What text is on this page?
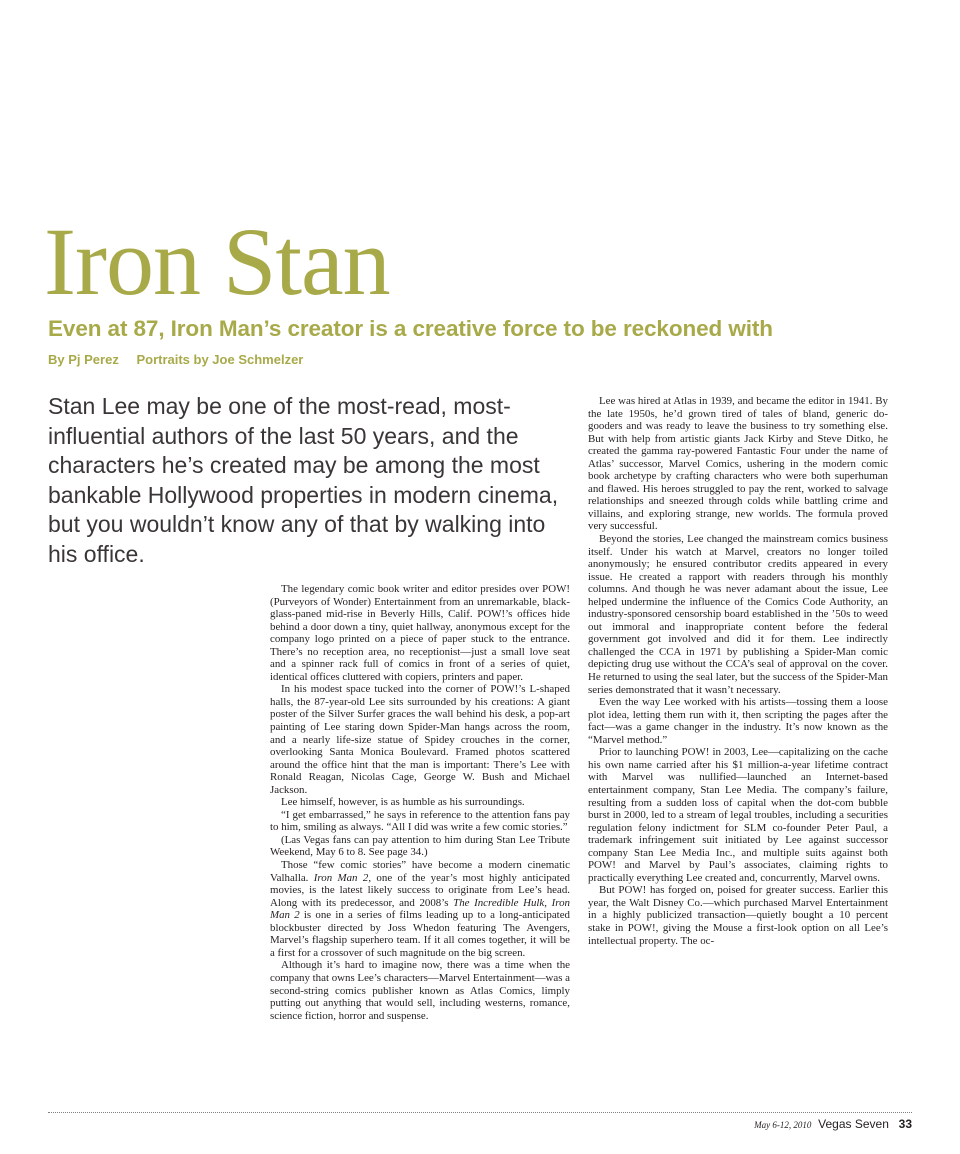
Iron Stan
Even at 87, Iron Man’s creator is a creative force to be reckoned with
By Pj Perez Portraits by Joe Schmelzer

Stan Lee may be one of the most-read, most-influential authors of the last 50 years, and the characters he’s created may be among the most bankable Hollywood properties in modern cinema, but you wouldn’t know any of that by walking into his office.

The legendary comic book writer and editor presides over POW! (Purveyors of Wonder) Entertainment from an unremarkable, black-glass-paned mid-rise in Beverly Hills, Calif. POW!’s offices hide behind a door down a tiny, quiet hallway, anonymous except for the company logo printed on a piece of paper stuck to the entrance. There’s no reception area, no receptionist—just a small love seat and a spinner rack full of comics in front of a series of quiet, identical offices cluttered with copiers, printers and paper.

In his modest space tucked into the corner of POW!’s L-shaped halls, the 87-year-old Lee sits surrounded by his creations: A giant poster of the Silver Surfer graces the wall behind his desk, a pop-art painting of Lee staring down Spider-Man hangs across the room, and a nearly life-size statue of Spidey crouches in the corner, overlooking Santa Monica Boulevard. Framed photos scattered around the office hint that the man is important: There’s Lee with Ronald Reagan, Nicolas Cage, George W. Bush and Michael Jackson.

Lee himself, however, is as humble as his surroundings.

“I get embarrassed,” he says in reference to the attention fans pay to him, smiling as always. “All I did was write a few comic stories.”

(Las Vegas fans can pay attention to him during Stan Lee Tribute Weekend, May 6 to 8. See page 34.)

Those “few comic stories” have become a modern cinematic Valhalla. Iron Man 2, one of the year’s most highly anticipated movies, is the latest likely success to originate from Lee’s head. Along with its predecessor, and 2008’s The Incredible Hulk, Iron Man 2 is one in a series of films leading up to a long-anticipated blockbuster directed by Joss Whedon featuring The Avengers, Marvel’s flagship superhero team. If it all comes together, it will be a first for a crossover of such magnitude on the big screen.

Although it’s hard to imagine now, there was a time when the company that owns Lee’s characters—Marvel Entertainment—was a second-string comics publisher known as Atlas Comics, limply putting out anything that would sell, including westerns, romance, science fiction, horror and suspense.

Lee was hired at Atlas in 1939, and became the editor in 1941. By the late 1950s, he’d grown tired of tales of bland, generic do-gooders and was ready to leave the business to try something else. But with help from artistic giants Jack Kirby and Steve Ditko, he created the gamma ray-powered Fantastic Four under the name of Atlas’ successor, Marvel Comics, ushering in the modern comic book archetype by crafting characters who were both superhuman and flawed. His heroes struggled to pay the rent, worked to salvage relationships and sneezed through colds while battling crime and villains, and exploring strange, new worlds. The formula proved very successful.

Beyond the stories, Lee changed the mainstream comics business itself. Under his watch at Marvel, creators no longer toiled anonymously; he ensured contributor credits appeared in every issue. He created a rapport with readers through his monthly columns. And though he was never adamant about the issue, Lee helped undermine the influence of the Comics Code Authority, an industry-sponsored censorship board established in the ’50s to weed out immoral and inappropriate content before the federal government got involved and did it for them. Lee indirectly challenged the CCA in 1971 by publishing a Spider-Man comic depicting drug use without the CCA’s seal of approval on the cover. He returned to using the seal later, but the success of the Spider-Man series demonstrated that it wasn’t necessary.

Even the way Lee worked with his artists—tossing them a loose plot idea, letting them run with it, then scripting the pages after the fact—was a game changer in the industry. It’s now known as the “Marvel method.”

Prior to launching POW! in 2003, Lee—capitalizing on the cache his own name carried after his $1 million-a-year lifetime contract with Marvel was nullified—launched an Internet-based entertainment company, Stan Lee Media. The company’s failure, resulting from a sudden loss of capital when the dot-com bubble burst in 2000, led to a stream of legal troubles, including a securities regulation felony indictment for SLM co-founder Peter Paul, a trademark infringement suit initiated by Lee against successor company Stan Lee Media Inc., and multiple suits against both POW! and Marvel by Paul’s associates, claiming rights to practically everything Lee created and, concurrently, Marvel owns.

But POW! has forged on, poised for greater success. Earlier this year, the Walt Disney Co.—which purchased Marvel Entertainment in a highly publicized transaction—quietly bought a 10 percent stake in POW!, giving the Mouse a first-look option on all Lee’s intellectual property. The oc-

May 6-12, 2010 Vegas Seven 33
